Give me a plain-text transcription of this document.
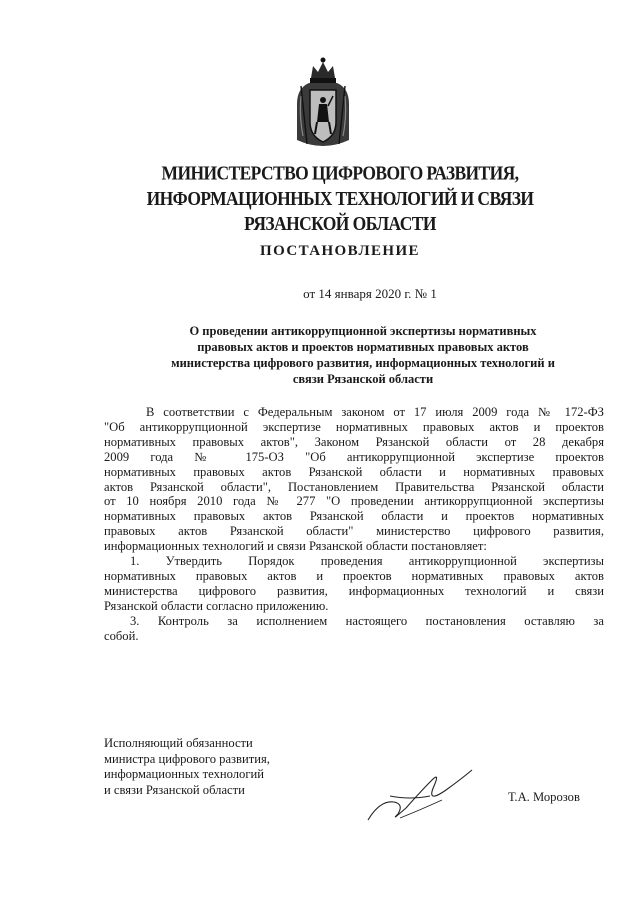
МИНИСТЕРСТВО ЦИФРОВОГО РАЗВИТИЯ,
ИНФОРМАЦИОННЫХ ТЕХНОЛОГИЙ И СВЯЗИ
РЯЗАНСКОЙ ОБЛАСТИ
ПОСТАНОВЛЕНИЕ
от 14 января 2020 г. № 1
О проведении антикоррупционной экспертизы нормативных
правовых актов и проектов нормативных правовых актов
министерства цифрового развития, информационных технологий и
связи Рязанской области
В соответствии с Федеральным законом от 17 июля 2009 года № 172-ФЗ
"Об антикоррупционной экспертизе нормативных правовых актов и проектов
нормативных правовых актов", Законом Рязанской области от 28 декабря
2009 года № 175-ОЗ "Об антикоррупционной экспертизе проектов
нормативных правовых актов Рязанской области и нормативных правовых
актов Рязанской области", Постановлением Правительства Рязанской области
от 10 ноября 2010 года № 277 "О проведении антикоррупционной экспертизы
нормативных правовых актов Рязанской области и проектов нормативных
правовых актов Рязанской области" министерство цифрового развития,
информационных технологий и связи Рязанской области постановляет:
1. Утвердить Порядок проведения антикоррупционной экспертизы
нормативных правовых актов и проектов нормативных правовых актов
министерства цифрового развития, информационных технологий и связи
Рязанской области согласно приложению.
3. Контроль за исполнением настоящего постановления оставляю за
собой.
Исполняющий обязанности
министра цифрового развития,
информационных технологий
и связи Рязанской области
Т.А. Морозов
